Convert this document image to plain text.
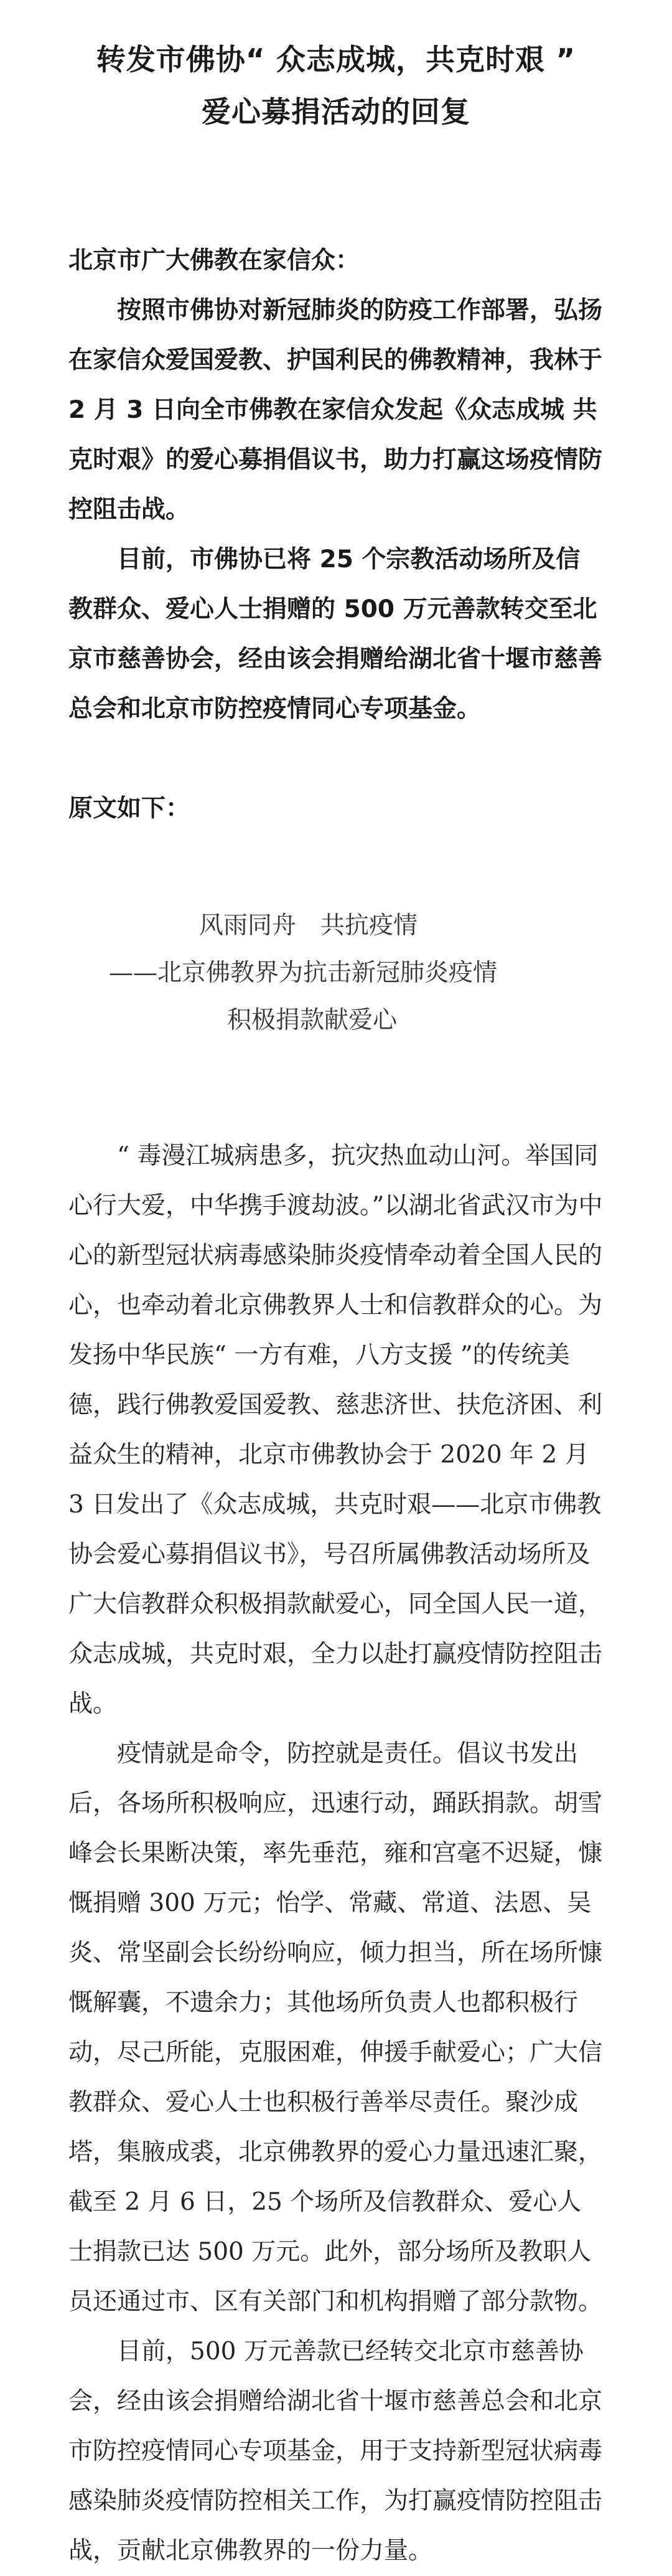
转发市佛协“ 众志成城，共克时艰 ”
爱心募捐活动的回复

北京市广大佛教在家信众：

按照市佛协对新冠肺炎的防疫工作部署，弘扬在家信众爱国爱教、护国利民的佛教精神，我林于 2 月 3 日向全市佛教在家信众发起《众志成城 共克时艰》的爱心募捐倡议书，助力打赢这场疫情防控阻击战。

目前，市佛协已将 25 个宗教活动场所及信教群众、爱心人士捐赠的 500 万元善款转交至北京市慈善协会，经由该会捐赠给湖北省十堰市慈善总会和北京市防控疫情同心专项基金。

原文如下：

风雨同舟　共抗疫情
——北京佛教界为抗击新冠肺炎疫情
积极捐款献爱心

“ 毒漫江城病患多，抗灾热血动山河。举国同心行大爱，中华携手渡劫波。”以湖北省武汉市为中心的新型冠状病毒感染肺炎疫情牵动着全国人民的心，也牵动着北京佛教界人士和信教群众的心。为发扬中华民族“ 一方有难，八方支援 ”的传统美德，践行佛教爱国爱教、慈悲济世、扶危济困、利益众生的精神，北京市佛教协会于 2020 年 2 月 3 日发出了《众志成城，共克时艰——北京市佛教协会爱心募捐倡议书》，号召所属佛教活动场所及广大信教群众积极捐款献爱心，同全国人民一道，众志成城，共克时艰，全力以赴打赢疫情防控阻击战。

疫情就是命令，防控就是责任。倡议书发出后，各场所积极响应，迅速行动，踊跃捐款。胡雪峰会长果断决策，率先垂范，雍和宫毫不迟疑，慷慨捐赠 300 万元；怡学、常藏、常道、法恩、吴炎、常坚副会长纷纷响应，倾力担当，所在场所慷慨解囊，不遗余力；其他场所负责人也都积极行动，尽己所能，克服困难，伸援手献爱心；广大信教群众、爱心人士也积极行善举尽责任。聚沙成塔，集腋成裘，北京佛教界的爱心力量迅速汇聚，截至 2 月 6 日，25 个场所及信教群众、爱心人士捐款已达 500 万元。此外，部分场所及教职人员还通过市、区有关部门和机构捐赠了部分款物。

目前，500 万元善款已经转交北京市慈善协会，经由该会捐赠给湖北省十堰市慈善总会和北京市防控疫情同心专项基金，用于支持新型冠状病毒感染肺炎疫情防控相关工作，为打赢疫情防控阻击战，贡献北京佛教界的一份力量。
